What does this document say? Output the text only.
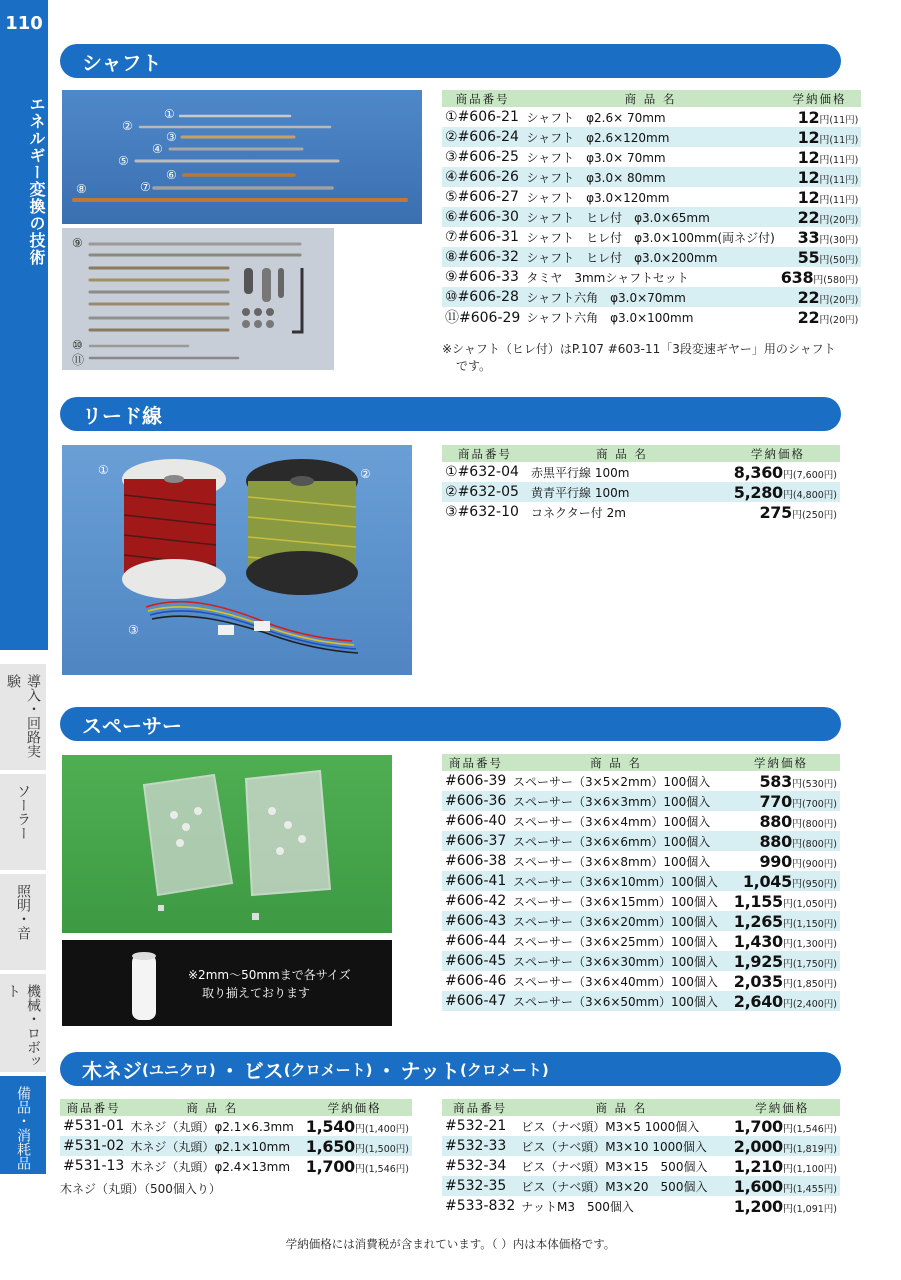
110
エネルギー変換の技術
導入・回路実験
ソーラー
照明・音
機械・ロボット
備品・消耗品
シャフト
①
②
③
④
⑤
⑥
⑦
⑧
⑨
⑩
⑪
商品番号	商 品 名	学納価格
①#606-21	シャフト　φ2.6× 70mm	12円(11円)
②#606-24	シャフト　φ2.6×120mm	12円(11円)
③#606-25	シャフト　φ3.0× 70mm	12円(11円)
④#606-26	シャフト　φ3.0× 80mm	12円(11円)
⑤#606-27	シャフト　φ3.0×120mm	12円(11円)
⑥#606-30	シャフト　ヒレ付　φ3.0×65mm	22円(20円)
⑦#606-31	シャフト　ヒレ付　φ3.0×100mm(両ネジ付)	33円(30円)
⑧#606-32	シャフト　ヒレ付　φ3.0×200mm	55円(50円)
⑨#606-33	タミヤ　3mmシャフトセット	638円(580円)
⑩#606-28	シャフト六角　φ3.0×70mm	22円(20円)
⑪#606-29	シャフト六角　φ3.0×100mm	22円(20円)
※シャフト（ヒレ付）はP.107 #603-11「3段変速ギヤー」用のシャフト
です。
リード線
①	②
③
商品番号	商 品 名	学納価格
①#632-04	赤黒平行線 100m	8,360円(7,600円)
②#632-05	黄青平行線 100m	5,280円(4,800円)
③#632-10	コネクター付 2m	275円(250円)
スペーサー
※2mm〜50mmまで各サイズ
取り揃えております
商品番号	商 品 名	学納価格
#606-39	スペーサー（3×5×2mm）100個入	583円(530円)
#606-36	スペーサー（3×6×3mm）100個入	770円(700円)
#606-40	スペーサー（3×6×4mm）100個入	880円(800円)
#606-37	スペーサー（3×6×6mm）100個入	880円(800円)
#606-38	スペーサー（3×6×8mm）100個入	990円(900円)
#606-41	スペーサー（3×6×10mm）100個入	1,045円(950円)
#606-42	スペーサー（3×6×15mm）100個入	1,155円(1,050円)
#606-43	スペーサー（3×6×20mm）100個入	1,265円(1,150円)
#606-44	スペーサー（3×6×25mm）100個入	1,430円(1,300円)
#606-45	スペーサー（3×6×30mm）100個入	1,925円(1,750円)
#606-46	スペーサー（3×6×40mm）100個入	2,035円(1,850円)
#606-47	スペーサー（3×6×50mm）100個入	2,640円(2,400円)
木ネジ (ユニクロ) ・ ビス (クロメート) ・ ナット (クロメート)
商品番号	商 品 名	学納価格
#531-01	木ネジ（丸頭）φ2.1×6.3mm	1,540円(1,400円)
#531-02	木ネジ（丸頭）φ2.1×10mm	1,650円(1,500円)
#531-13	木ネジ（丸頭）φ2.4×13mm	1,700円(1,546円)
木ネジ（丸頭）（500個入り）
商品番号	商 品 名	学納価格
#532-21	ビス（ナベ頭）M3×5 1000個入	1,700円(1,546円)
#532-33	ビス（ナベ頭）M3×10 1000個入	2,000円(1,819円)
#532-34	ビス（ナベ頭）M3×15　500個入	1,210円(1,100円)
#532-35	ビス（ナベ頭）M3×20　500個入	1,600円(1,455円)
#533-832	ナットM3　500個入	1,200円(1,091円)
学納価格には消費税が含まれています。（ ）内は本体価格です。
